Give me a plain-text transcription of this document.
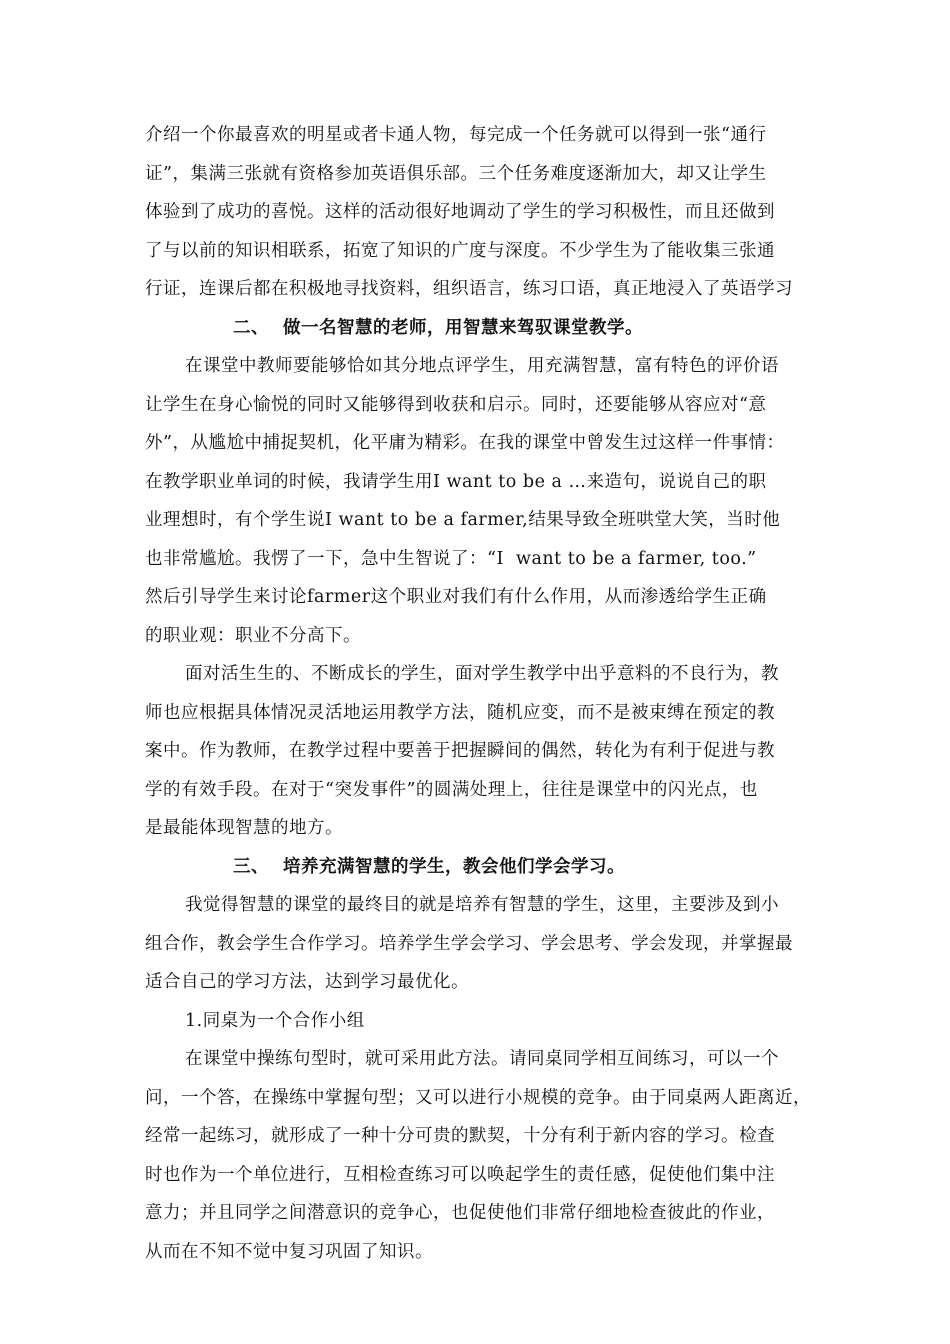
介绍一个你最喜欢的明星或者卡通人物，每完成一个任务就可以得到一张“通行
证”，集满三张就有资格参加英语俱乐部。三个任务难度逐渐加大，却又让学生
体验到了成功的喜悦。这样的活动很好地调动了学生的学习积极性，而且还做到
了与以前的知识相联系，拓宽了知识的广度与深度。不少学生为了能收集三张通
行证，连课后都在积极地寻找资料，组织语言，练习口语，真正地浸入了英语学习
二、 做一名智慧的老师，用智慧来驾驭课堂教学。
在课堂中教师要能够恰如其分地点评学生，用充满智慧，富有特色的评价语
让学生在身心愉悦的同时又能够得到收获和启示。同时，还要能够从容应对“意
外”，从尴尬中捕捉契机，化平庸为精彩。在我的课堂中曾发生过这样一件事情：
在教学职业单词的时候，我请学生用I want to be a …来造句，说说自己的职
业理想时，有个学生说I want to be a farmer,结果导致全班哄堂大笑，当时他
也非常尴尬。我愣了一下，急中生智说了：“I  want to be a farmer, too.”
然后引导学生来讨论farmer这个职业对我们有什么作用，从而渗透给学生正确
的职业观：职业不分高下。
面对活生生的、不断成长的学生，面对学生教学中出乎意料的不良行为，教
师也应根据具体情况灵活地运用教学方法，随机应变，而不是被束缚在预定的教
案中。作为教师，在教学过程中要善于把握瞬间的偶然，转化为有利于促进与教
学的有效手段。在对于“突发事件”的圆满处理上，往往是课堂中的闪光点，也
是最能体现智慧的地方。
三、 培养充满智慧的学生，教会他们学会学习。
我觉得智慧的课堂的最终目的就是培养有智慧的学生，这里，主要涉及到小
组合作，教会学生合作学习。培养学生学会学习、学会思考、学会发现，并掌握最
适合自己的学习方法，达到学习最优化。
1.同桌为一个合作小组
在课堂中操练句型时，就可采用此方法。请同桌同学相互间练习，可以一个
问，一个答，在操练中掌握句型；又可以进行小规模的竞争。由于同桌两人距离近，
经常一起练习，就形成了一种十分可贵的默契，十分有利于新内容的学习。检查
时也作为一个单位进行，互相检查练习可以唤起学生的责任感，促使他们集中注
意力；并且同学之间潜意识的竞争心，也促使他们非常仔细地检查彼此的作业，
从而在不知不觉中复习巩固了知识。
